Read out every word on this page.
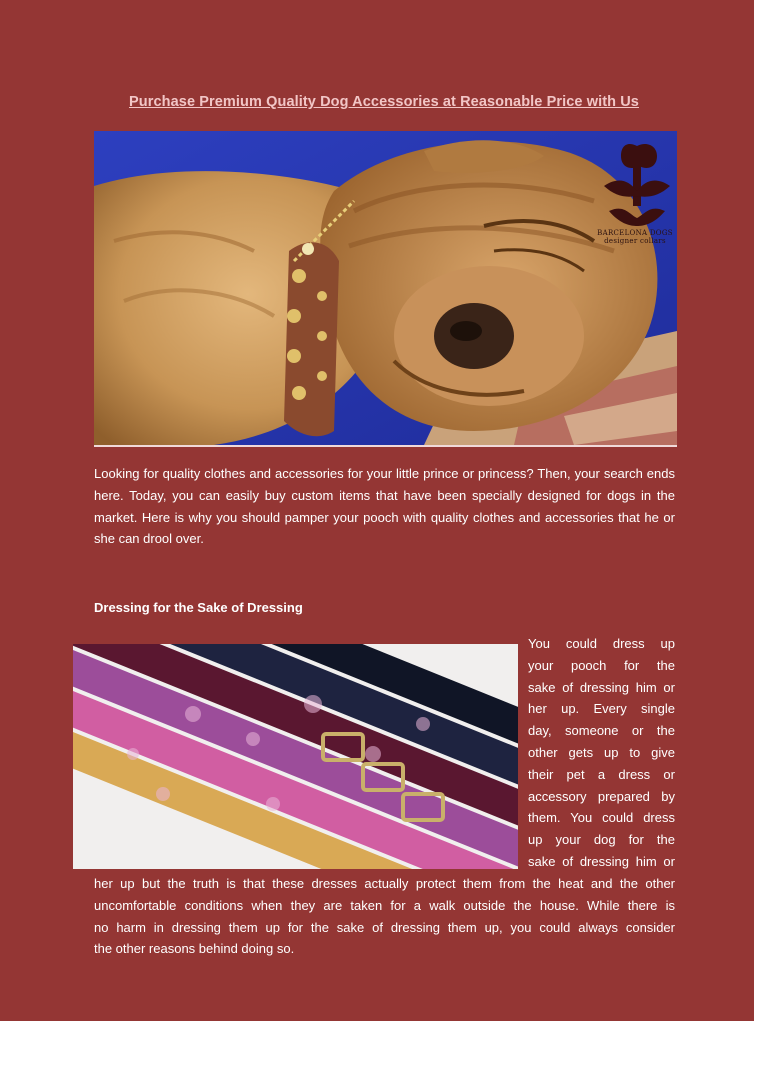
Purchase Premium Quality Dog Accessories at Reasonable Price with Us
BARCELONA DOGS
designer collars

Looking for quality clothes and accessories for your little prince or princess? Then, your search ends here. Today, you can easily buy custom items that have been specially designed for dogs in the market. Here is why you should pamper your pooch with quality clothes and accessories that he or she can drool over.

Dressing for the Sake of Dressing
You could dress up
your pooch for the
sake of dressing him or
her up. Every single
day, someone or the
other gets up to give
their pet a dress or
accessory prepared by
them. You could dress
up your dog for the
sake of dressing him or
her up but the truth is that these dresses actually protect them from the heat and the other
uncomfortable conditions when they are taken for a walk outside the house. While there is
no harm in dressing them up for the sake of dressing them up, you could always consider
the other reasons behind doing so.
